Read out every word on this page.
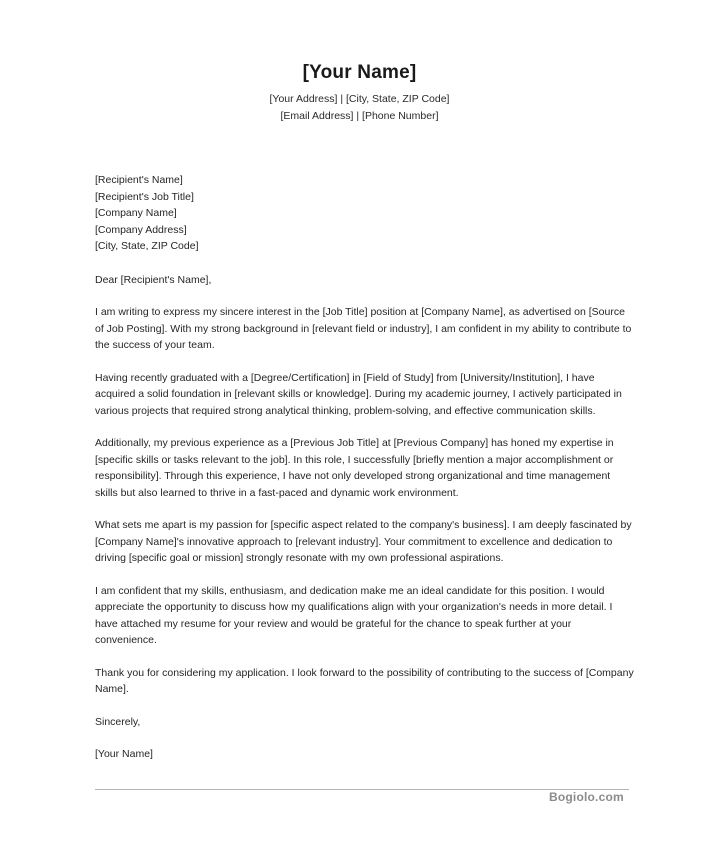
[Your Name]
[Your Address] | [City, State, ZIP Code]
[Email Address] | [Phone Number]
[Recipient's Name]
[Recipient's Job Title]
[Company Name]
[Company Address]
[City, State, ZIP Code]
Dear [Recipient's Name],

I am writing to express my sincere interest in the [Job Title] position at [Company Name], as advertised on [Source of Job Posting]. With my strong background in [relevant field or industry], I am confident in my ability to contribute to the success of your team.

Having recently graduated with a [Degree/Certification] in [Field of Study] from [University/Institution], I have acquired a solid foundation in [relevant skills or knowledge]. During my academic journey, I actively participated in various projects that required strong analytical thinking, problem-solving, and effective communication skills.

Additionally, my previous experience as a [Previous Job Title] at [Previous Company] has honed my expertise in [specific skills or tasks relevant to the job]. In this role, I successfully [briefly mention a major accomplishment or responsibility]. Through this experience, I have not only developed strong organizational and time management skills but also learned to thrive in a fast-paced and dynamic work environment.

What sets me apart is my passion for [specific aspect related to the company's business]. I am deeply fascinated by [Company Name]'s innovative approach to [relevant industry]. Your commitment to excellence and dedication to driving [specific goal or mission] strongly resonate with my own professional aspirations.

I am confident that my skills, enthusiasm, and dedication make me an ideal candidate for this position. I would appreciate the opportunity to discuss how my qualifications align with your organization's needs in more detail. I have attached my resume for your review and would be grateful for the chance to speak further at your convenience.

Thank you for considering my application. I look forward to the possibility of contributing to the success of [Company Name].

Sincerely,
[Your Name]
Bogiolo.com
